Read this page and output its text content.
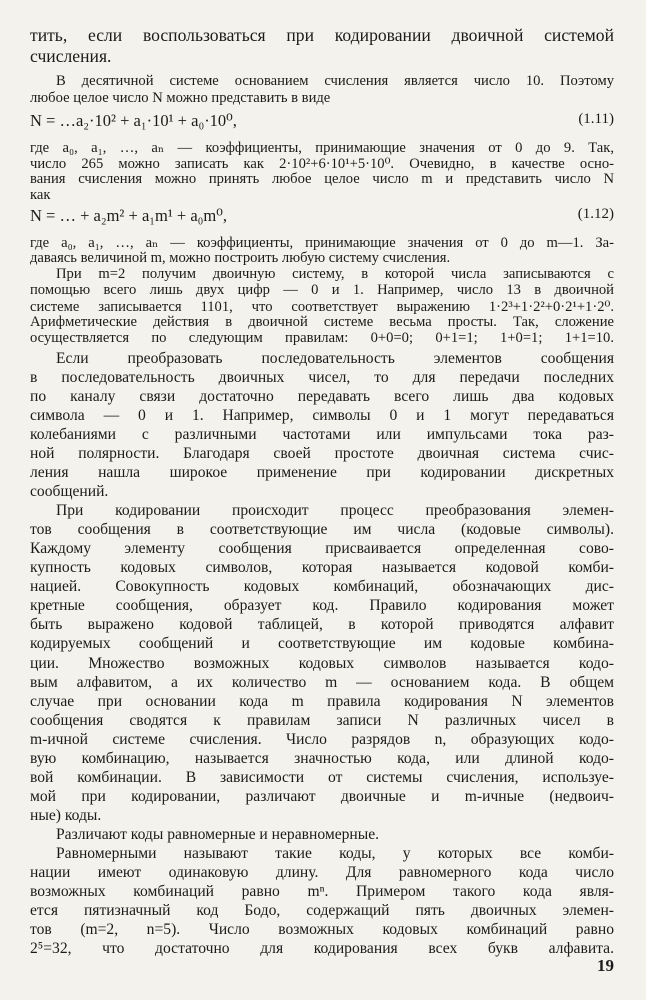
тить, если воспользоваться при кодировании двоичной системой
счисления.
В десятичной системе основанием счисления является число 10. Поэтому
любое целое число N можно представить в виде
N = …a₂·10² + a₁·10¹ + a₀·10⁰,	(1.11)
где a₀, a₁, …, aₙ — коэффициенты, принимающие значения от 0 до 9. Так,
число 265 можно записать как 2·10²+6·10¹+5·10⁰. Очевидно, в качестве осно-
вания счисления можно принять любое целое число m и представить число N
как
N = … + a₂m² + a₁m¹ + a₀m⁰,	(1.12)
где a₀, a₁, …, aₙ — коэффициенты, принимающие значения от 0 до m—1. За-
даваясь величиной m, можно построить любую систему счисления.
При m=2 получим двоичную систему, в которой числа записываются с
помощью всего лишь двух цифр — 0 и 1. Например, число 13 в двоичной
системе записывается 1101, что соответствует выражению 1·2³+1·2²+0·2¹+1·2⁰.
Арифметические действия в двоичной системе весьма просты. Так, сложение
осуществляется по следующим правилам: 0+0=0; 0+1=1; 1+0=1; 1+1=10.
Если преобразовать последовательность элементов сообщения
в последовательность двоичных чисел, то для передачи последних
по каналу связи достаточно передавать всего лишь два кодовых
символа — 0 и 1. Например, символы 0 и 1 могут передаваться
колебаниями с различными частотами или импульсами тока раз-
ной полярности. Благодаря своей простоте двоичная система счис-
ления нашла широкое применение при кодировании дискретных
сообщений.
При кодировании происходит процесс преобразования элемен-
тов сообщения в соответствующие им числа (кодовые символы).
Каждому элементу сообщения присваивается определенная сово-
купность кодовых символов, которая называется кодовой комби-
нацией. Совокупность кодовых комбинаций, обозначающих дис-
кретные сообщения, образует код. Правило кодирования может
быть выражено кодовой таблицей, в которой приводятся алфавит
кодируемых сообщений и соответствующие им кодовые комбина-
ции. Множество возможных кодовых символов называется кодо-
вым алфавитом, а их количество m — основанием кода. В общем
случае при основании кода m правила кодирования N элементов
сообщения сводятся к правилам записи N различных чисел в
m-ичной системе счисления. Число разрядов n, образующих кодо-
вую комбинацию, называется значностью кода, или длиной кодо-
вой комбинации. В зависимости от системы счисления, используе-
мой при кодировании, различают двоичные и m-ичные (недвоич-
ные) коды.
Различают коды равномерные и неравномерные.
Равномерными называют такие коды, у которых все комби-
нации имеют одинаковую длину. Для равномерного кода число
возможных комбинаций равно mⁿ. Примером такого кода явля-
ется пятизначный код Бодо, содержащий пять двоичных элемен-
тов (m=2, n=5). Число возможных кодовых комбинаций равно
2⁵=32, что достаточно для кодирования всех букв алфавита.
19
